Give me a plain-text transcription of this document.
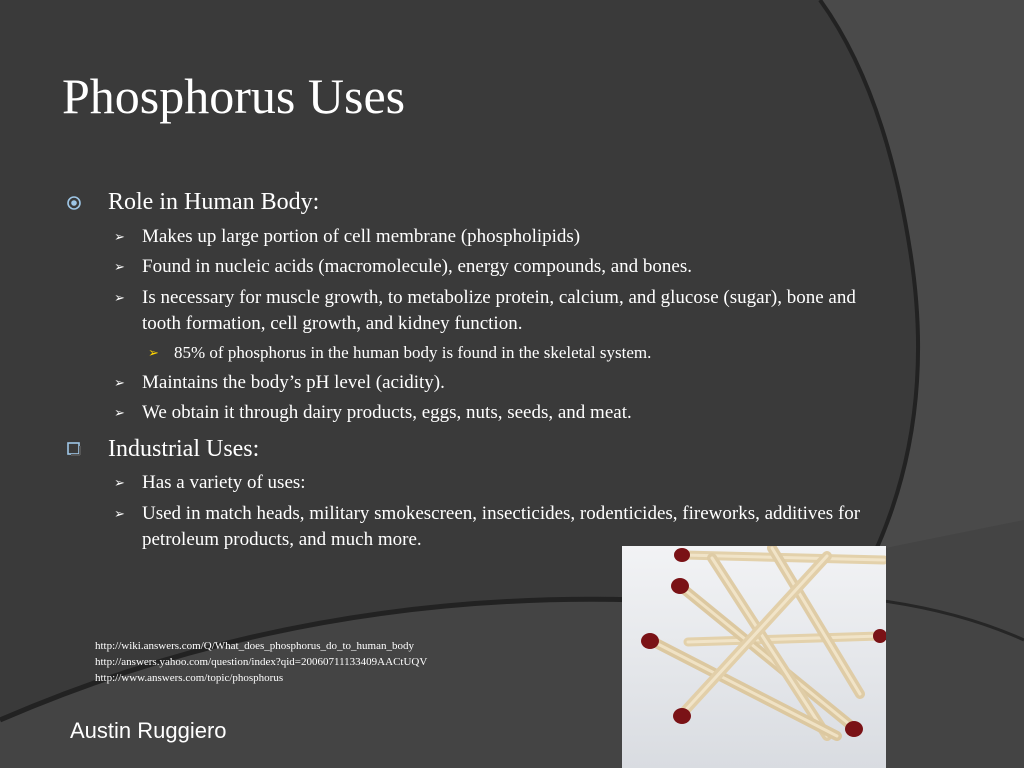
Phosphorus Uses
Role in Human Body:
➢ Makes up large portion of cell membrane (phospholipids)
➢ Found in nucleic acids (macromolecule), energy compounds, and bones.
➢ Is necessary for muscle growth, to metabolize protein, calcium, and glucose (sugar), bone and tooth formation, cell growth, and kidney function.
➢ 85% of phosphorus in the human body is found in the skeletal system.
➢ Maintains the body’s pH level (acidity).
➢ We obtain it through dairy products, eggs, nuts, seeds, and meat.
Industrial Uses:
➢ Has a variety of uses:
➢ Used in match heads, military smokescreen, insecticides, rodenticides, fireworks, additives for petroleum products, and much more.
http://wiki.answers.com/Q/What_does_phosphorus_do_to_human_body
http://answers.yahoo.com/question/index?qid=20060711133409AACtUQV
http://www.answers.com/topic/phosphorus
Austin Ruggiero
